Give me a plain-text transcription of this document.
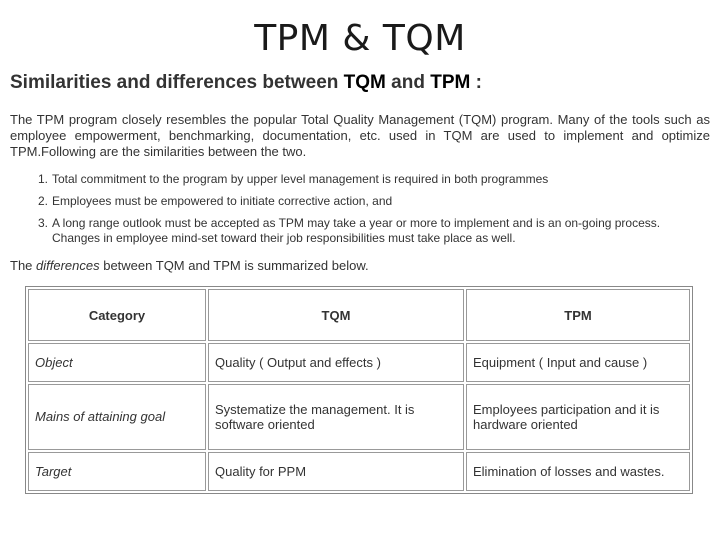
TPM & TQM
Similarities and differences between TQM and TPM :
The TPM program closely resembles the popular Total Quality Management (TQM) program. Many of the tools such as employee empowerment, benchmarking, documentation, etc. used in TQM are used to implement and optimize TPM.Following are the similarities between the two.
1. Total commitment to the program by upper level management is required in both programmes
2. Employees must be empowered to initiate corrective action, and
3. A long range outlook must be accepted as TPM may take a year or more to implement and is an on-going process. Changes in employee mind-set toward their job responsibilities must take place as well.
The differences between TQM and TPM is summarized below.
Category	TQM	TPM
Object	Quality ( Output and effects )	Equipment ( Input and cause )
Mains of attaining goal	Systematize the management. It is software oriented	Employees participation and it is hardware oriented
Target	Quality for PPM	Elimination of losses and wastes.
